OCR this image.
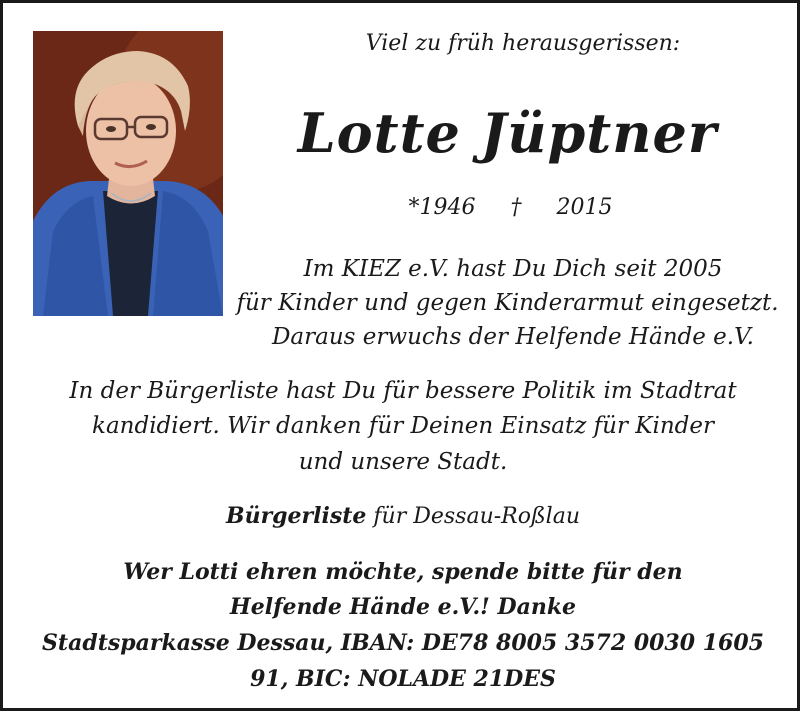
Viel zu früh herausgerissen:
Lotte Jüptner
*1946 † 2015
Im KIEZ e.V. hast Du Dich seit 2005
für Kinder und gegen Kinderarmut eingesetzt.
Daraus erwuchs der Helfende Hände e.V.
In der Bürgerliste hast Du für bessere Politik im Stadtrat
kandidiert. Wir danken für Deinen Einsatz für Kinder
und unsere Stadt.
Bürgerliste für Dessau-Roßlau
Wer Lotti ehren möchte, spende bitte für den
Helfende Hände e.V.! Danke
Stadtsparkasse Dessau, IBAN: DE78 8005 3572 0030 1605
91, BIC: NOLADE 21DES
